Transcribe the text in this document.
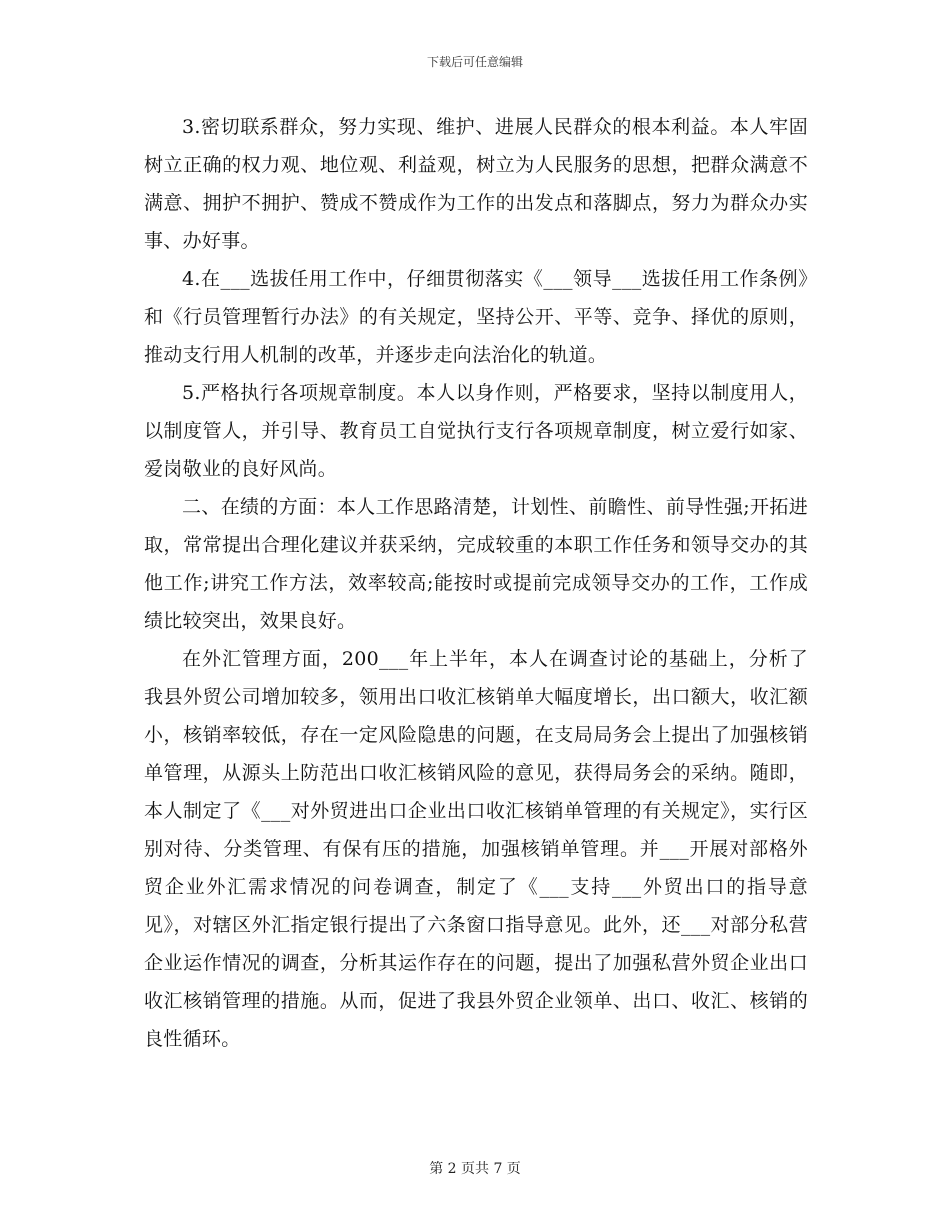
下载后可任意编辑

3.密切联系群众，努力实现、维护、进展人民群众的根本利益。本人牢固树立正确的权力观、地位观、利益观，树立为人民服务的思想，把群众满意不满意、拥护不拥护、赞成不赞成作为工作的出发点和落脚点，努力为群众办实事、办好事。

4.在___选拔任用工作中，仔细贯彻落实《___领导___选拔任用工作条例》和《行员管理暂行办法》的有关规定，坚持公开、平等、竞争、择优的原则，推动支行用人机制的改革，并逐步走向法治化的轨道。

5.严格执行各项规章制度。本人以身作则，严格要求，坚持以制度用人，以制度管人，并引导、教育员工自觉执行支行各项规章制度，树立爱行如家、爱岗敬业的良好风尚。

二、在绩的方面：本人工作思路清楚，计划性、前瞻性、前导性强;开拓进取，常常提出合理化建议并获采纳，完成较重的本职工作任务和领导交办的其他工作;讲究工作方法，效率较高;能按时或提前完成领导交办的工作，工作成绩比较突出，效果良好。

在外汇管理方面，200___年上半年，本人在调查讨论的基础上，分析了我县外贸公司增加较多，领用出口收汇核销单大幅度增长，出口额大，收汇额小，核销率较低，存在一定风险隐患的问题，在支局局务会上提出了加强核销单管理，从源头上防范出口收汇核销风险的意见，获得局务会的采纳。随即，本人制定了《___对外贸进出口企业出口收汇核销单管理的有关规定》，实行区别对待、分类管理、有保有压的措施，加强核销单管理。并___开展对部格外贸企业外汇需求情况的问卷调查，制定了《___支持___外贸出口的指导意见》，对辖区外汇指定银行提出了六条窗口指导意见。此外，还___对部分私营企业运作情况的调查，分析其运作存在的问题，提出了加强私营外贸企业出口收汇核销管理的措施。从而，促进了我县外贸企业领单、出口、收汇、核销的良性循环。

第 2 页共 7 页
